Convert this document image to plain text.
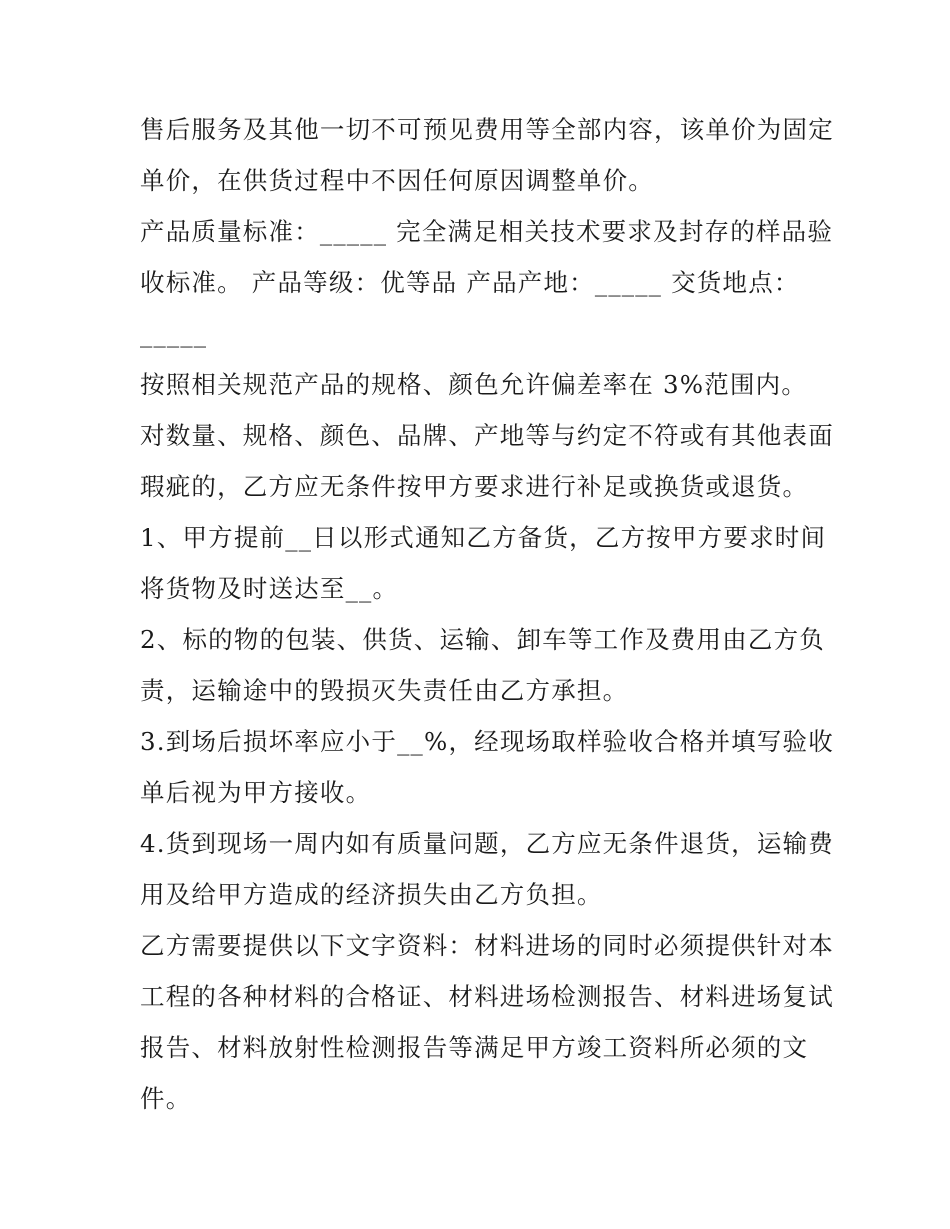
售后服务及其他一切不可预见费用等全部内容，该单价为固定
单价，在供货过程中不因任何原因调整单价。
产品质量标准：_____ 完全满足相关技术要求及封存的样品验
收标准。 产品等级：优等品 产品产地：_____ 交货地点：
_____
按照相关规范产品的规格、颜色允许偏差率在 3%范围内。
对数量、规格、颜色、品牌、产地等与约定不符或有其他表面
瑕疵的，乙方应无条件按甲方要求进行补足或换货或退货。
1、甲方提前__日以形式通知乙方备货，乙方按甲方要求时间
将货物及时送达至__。
2、标的物的包装、供货、运输、卸车等工作及费用由乙方负
责，运输途中的毁损灭失责任由乙方承担。
3.到场后损坏率应小于__%，经现场取样验收合格并填写验收
单后视为甲方接收。
4.货到现场一周内如有质量问题，乙方应无条件退货，运输费
用及给甲方造成的经济损失由乙方负担。
乙方需要提供以下文字资料：材料进场的同时必须提供针对本
工程的各种材料的合格证、材料进场检测报告、材料进场复试
报告、材料放射性检测报告等满足甲方竣工资料所必须的文
件。
